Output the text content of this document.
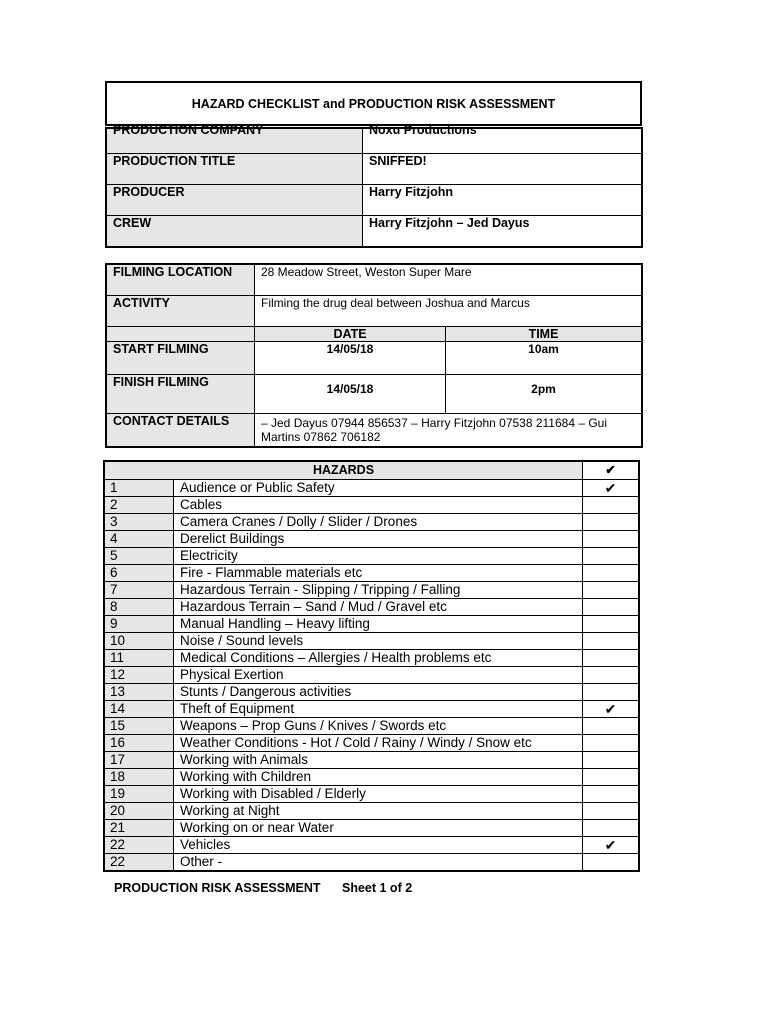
HAZARD CHECKLIST and PRODUCTION RISK ASSESSMENT
PRODUCTION COMPANY	Noxu Productions

PRODUCTION TITLE	SNIFFED!
PRODUCER	Harry Fitzjohn
CREW	Harry Fitzjohn – Jed Dayus
FILMING LOCATION	28 Meadow Street, Weston Super Mare	
ACTIVITY	Filming the drug deal between Joshua and Marcus	
	DATE	TIME
START FILMING	14/05/18	10am
FINISH FILMING	14/05/18	2pm
CONTACT DETAILS	– Jed Dayus 07944 856537 – Harry Fitzjohn 07538 211684 – Gui Martins 07862 706182	
HAZARDS		✔
1	Audience or Public Safety	✔
2	Cables	
3	Camera Cranes / Dolly / Slider / Drones	
4	Derelict Buildings	
5	Electricity	
6	Fire - Flammable materials etc	
7	Hazardous Terrain - Slipping / Tripping / Falling	
8	Hazardous Terrain – Sand / Mud / Gravel etc	
9	Manual Handling – Heavy lifting	
10	Noise / Sound levels	
11	Medical Conditions – Allergies / Health problems etc	
12	Physical Exertion	
13	Stunts / Dangerous activities	
14	Theft of Equipment	✔
15	Weapons – Prop Guns / Knives / Swords etc	
16	Weather Conditions - Hot / Cold / Rainy / Windy / Snow etc	
17	Working with Animals	
18	Working with Children	
19	Working with Disabled / Elderly	
20	Working at Night	
21	Working on or near Water	
22	Vehicles	✔
22	Other -	
PRODUCTION RISK ASSESSMENT Sheet 1 of 2
